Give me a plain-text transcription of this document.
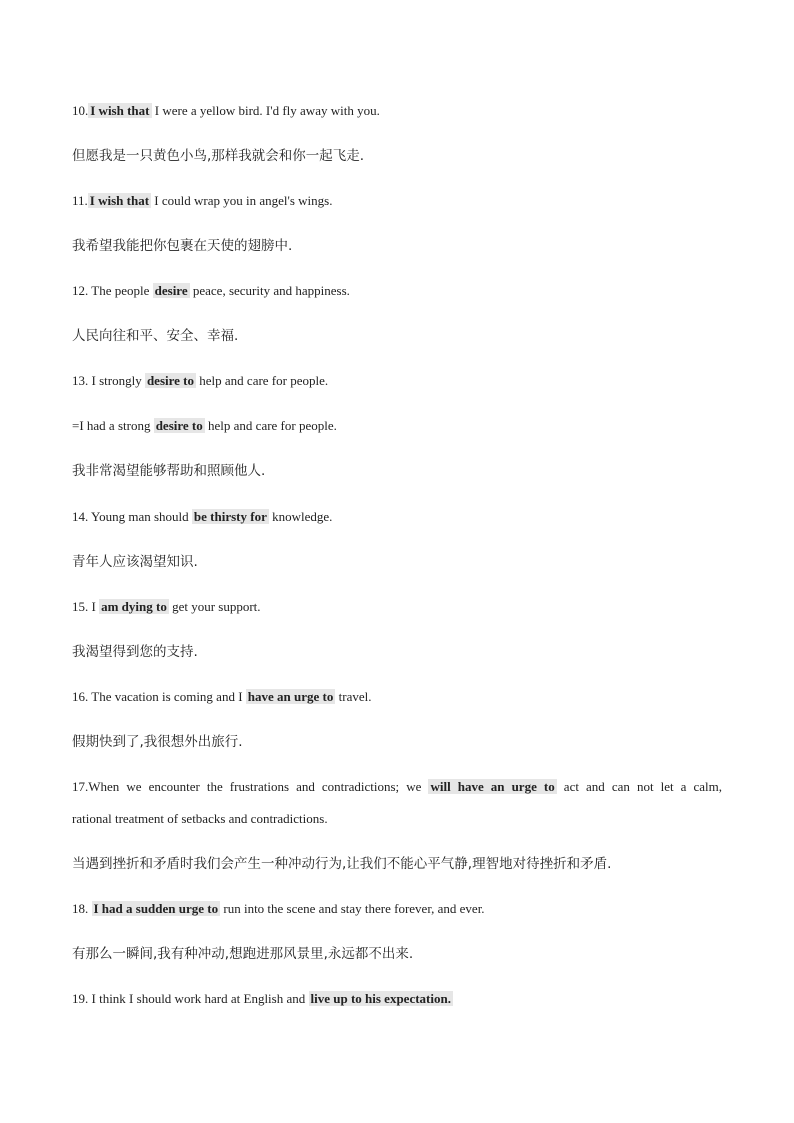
10. I wish that I were a yellow bird. I'd fly away with you.
但愿我是一只黄色小鸟,那样我就会和你一起飞走.
11. I wish that I could wrap you in angel's wings.
我希望我能把你包裹在天使的翅膀中.
12. The people desire peace, security and happiness.
人民向往和平、安全、幸福.
13. I strongly desire to help and care for people.
=I had a strong desire to help and care for people.
我非常渴望能够帮助和照顾他人.
14. Young man should be thirsty for knowledge.
青年人应该渴望知识.
15. I am dying to get your support.
我渴望得到您的支持.
16. The vacation is coming and I have an urge to travel.
假期快到了,我很想外出旅行.
17.When we encounter the frustrations and contradictions; we will have an urge to act and can not let a calm,
rational treatment of setbacks and contradictions.
当遇到挫折和矛盾时我们会产生一种冲动行为,让我们不能心平气静,理智地对待挫折和矛盾.
18. I had a sudden urge to run into the scene and stay there forever, and ever.
有那么一瞬间,我有种冲动,想跑进那风景里,永远都不出来.
19. I think I should work hard at English and live up to his expectation.
